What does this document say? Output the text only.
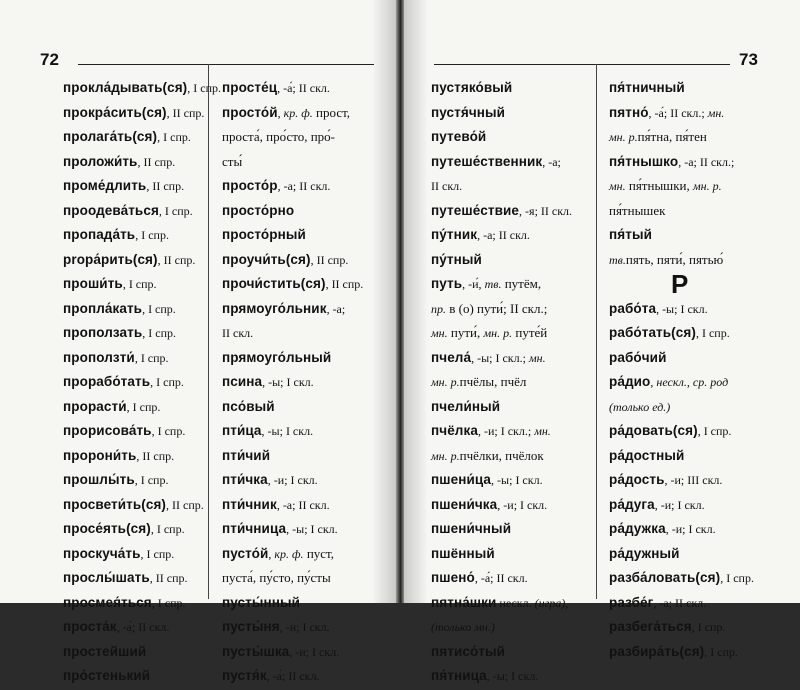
72
прокла́дывать(ся), I спр.
прокра́сить(ся), II спр.
пролага́ть(ся), I спр.
проложи́ть, II спр.
проме́длить, II спр.
проодева́ться, I спр.
пропада́ть, I спр.
propа́рить(ся), II спр.
проши́ть, I спр.
пропла́кать, I спр.
проползать, I спр.
проползти́, I спр.
прорабо́тать, I спр.
прорасти́, I спр.
прорисова́ть, I спр.
пророни́ть, II спр.
прошлы́ть, I спр.
просвети́ть(ся), II спр.
просе́ять(ся), I спр.
проскуча́ть, I спр.
прослы́шать, II спр.
просмея́ться, I спр.
проста́к, -а́; II скл.
простейший
про́стенький
просте́ц, -а́; II скл.
просто́й, кр. ф. прост,
проста́, про́сто, про́-
сты́
просто́р, -а; II скл.
просто́рно
просто́рный
проучи́ть(ся), II спр.
прочи́стить(ся), II спр.
прямоуго́льник, -а;
II скл.
прямоуго́льный
псина, -ы; I скл.
псо́вый
пти́ца, -ы; I скл.
пти́чий
пти́чка, -и; I скл.
пти́чник, -а; II скл.
пти́чница, -ы; I скл.
пусто́й, кр. ф. пуст,
пуста́, пу́сто, пу́сты
пусты́нный
пусты́ня, -и; I скл.
пусты́шка, -и; I скл.
пустя́к, -а́; II скл.
73
пустяко́вый
пустя́чный
путево́й
путеше́ственник, -а;
II скл.
путеше́ствие, -я; II скл.
пу́тник, -а; II скл.
пу́тный
путь, -и́, тв. путём,
пр. в (о) пути́; II скл.;
мн. пути́, мн. р. путе́й
пчела́, -ы; I скл.; мн.
мн. р.пчёлы, пчёл
пчели́ный
пчёлка, -и; I скл.; мн.
мн. р.пчёлки, пчёлок
пшени́ца, -ы; I скл.
пшени́чка, -и; I скл.
пшени́чный
пшённый
пшено́, -а́; II скл.
пятна́шки нескл. (игра),
(только мн.)
пятисо́тый
пя́тница, -ы; I скл.
пя́тничный
пятно́, -а́; II скл.; мн.
мн. р.пя́тна, пя́тен
пя́тнышко, -а; II скл.;
мн. пя́тнышки, мн. р.
пя́тнышек
пя́тый
тв.пять, пяти́, пятью́
Р
рабо́та, -ы; I скл.
рабо́тать(ся), I спр.
рабо́чий
ра́дио, нескл., ср. род
(только ед.)
ра́довать(ся), I спр.
ра́достный
ра́дость, -и; III скл.
ра́дуга, -и; I скл.
ра́дужка, -и; I скл.
ра́дужный
разба́ловать(ся), I спр.
разбе́г, -а; II скл.
разбега́ться, I спр.
разбира́ть(ся), I спр.
